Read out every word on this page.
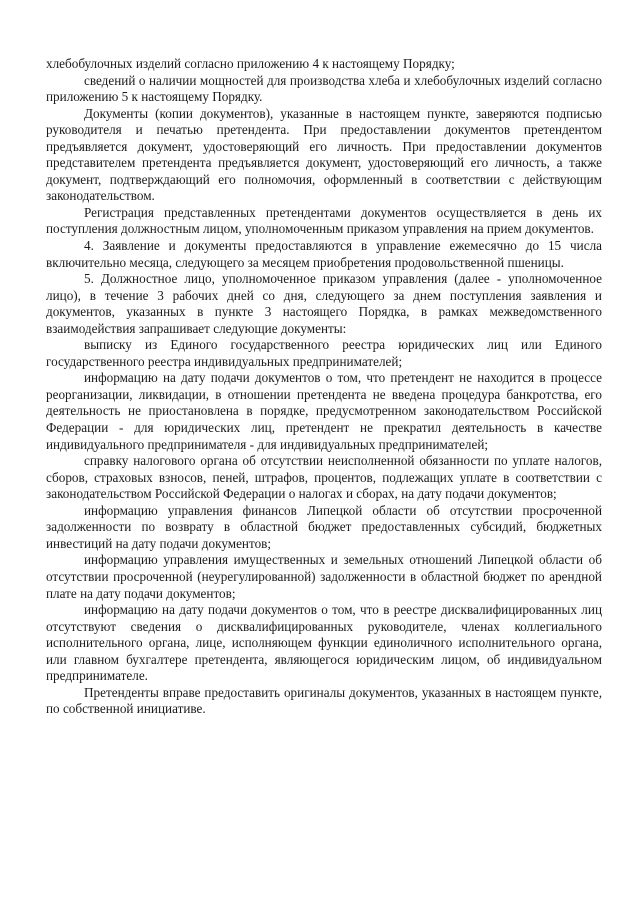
хлебобулочных изделий согласно приложению 4 к настоящему Порядку;

сведений о наличии мощностей для производства хлеба и хлебобулочных изделий согласно приложению 5 к настоящему Порядку.

Документы (копии документов), указанные в настоящем пункте, заверяются подписью руководителя и печатью претендента. При предоставлении документов претендентом предъявляется документ, удостоверяющий его личность. При предоставлении документов представителем претендента предъявляется документ, удостоверяющий его личность, а также документ, подтверждающий его полномочия, оформленный в соответствии с действующим законодательством.

Регистрация представленных претендентами документов осуществляется в день их поступления должностным лицом, уполномоченным приказом управления на прием документов.

4. Заявление и документы предоставляются в управление ежемесячно до 15 числа включительно месяца, следующего за месяцем приобретения продовольственной пшеницы.

5. Должностное лицо, уполномоченное приказом управления (далее - уполномоченное лицо), в течение 3 рабочих дней со дня, следующего за днем поступления заявления и документов, указанных в пункте 3 настоящего Порядка, в рамках межведомственного взаимодействия запрашивает следующие документы:

выписку из Единого государственного реестра юридических лиц или Единого государственного реестра индивидуальных предпринимателей;

информацию на дату подачи документов о том, что претендент не находится в процессе реорганизации, ликвидации, в отношении претендента не введена процедура банкротства, его деятельность не приостановлена в порядке, предусмотренном законодательством Российской Федерации - для юридических лиц, претендент не прекратил деятельность в качестве индивидуального предпринимателя - для индивидуальных предпринимателей;

справку налогового органа об отсутствии неисполненной обязанности по уплате налогов, сборов, страховых взносов, пеней, штрафов, процентов, подлежащих уплате в соответствии с законодательством Российской Федерации о налогах и сборах, на дату подачи документов;

информацию управления финансов Липецкой области об отсутствии просроченной задолженности по возврату в областной бюджет предоставленных субсидий, бюджетных инвестиций на дату подачи документов;

информацию управления имущественных и земельных отношений Липецкой области об отсутствии просроченной (неурегулированной) задолженности в областной бюджет по арендной плате на дату подачи документов;

информацию на дату подачи документов о том, что в реестре дисквалифицированных лиц отсутствуют сведения о дисквалифицированных руководителе, членах коллегиального исполнительного органа, лице, исполняющем функции единоличного исполнительного органа, или главном бухгалтере претендента, являющегося юридическим лицом, об индивидуальном предпринимателе.

Претенденты вправе предоставить оригиналы документов, указанных в настоящем пункте, по собственной инициативе.
